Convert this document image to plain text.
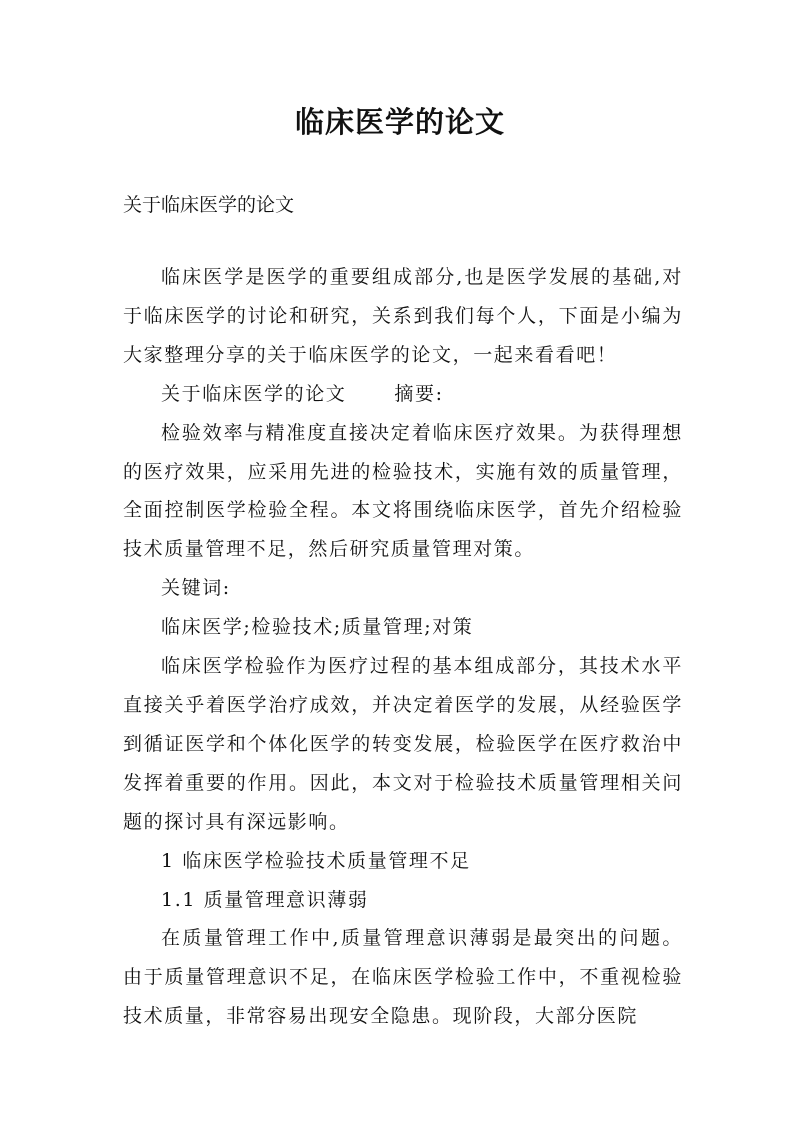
临床医学的论文
关于临床医学的论文

临床医学是医学的重要组成部分,也是医学发展的基础,对于临床医学的讨论和研究，关系到我们每个人，下面是小编为大家整理分享的关于临床医学的论文，一起来看看吧！

关于临床医学的论文	摘要:

检验效率与精准度直接决定着临床医疗效果。为获得理想的医疗效果，应采用先进的检验技术，实施有效的质量管理，全面控制医学检验全程。本文将围绕临床医学，首先介绍检验技术质量管理不足，然后研究质量管理对策。

关键词:

临床医学;检验技术;质量管理;对策

临床医学检验作为医疗过程的基本组成部分，其技术水平直接关乎着医学治疗成效，并决定着医学的发展，从经验医学到循证医学和个体化医学的转变发展，检验医学在医疗救治中发挥着重要的作用。因此，本文对于检验技术质量管理相关问题的探讨具有深远影响。

1 临床医学检验技术质量管理不足

1.1 质量管理意识薄弱

在质量管理工作中,质量管理意识薄弱是最突出的问题。由于质量管理意识不足，在临床医学检验工作中，不重视检验技术质量，非常容易出现安全隐患。现阶段，大部分医院
